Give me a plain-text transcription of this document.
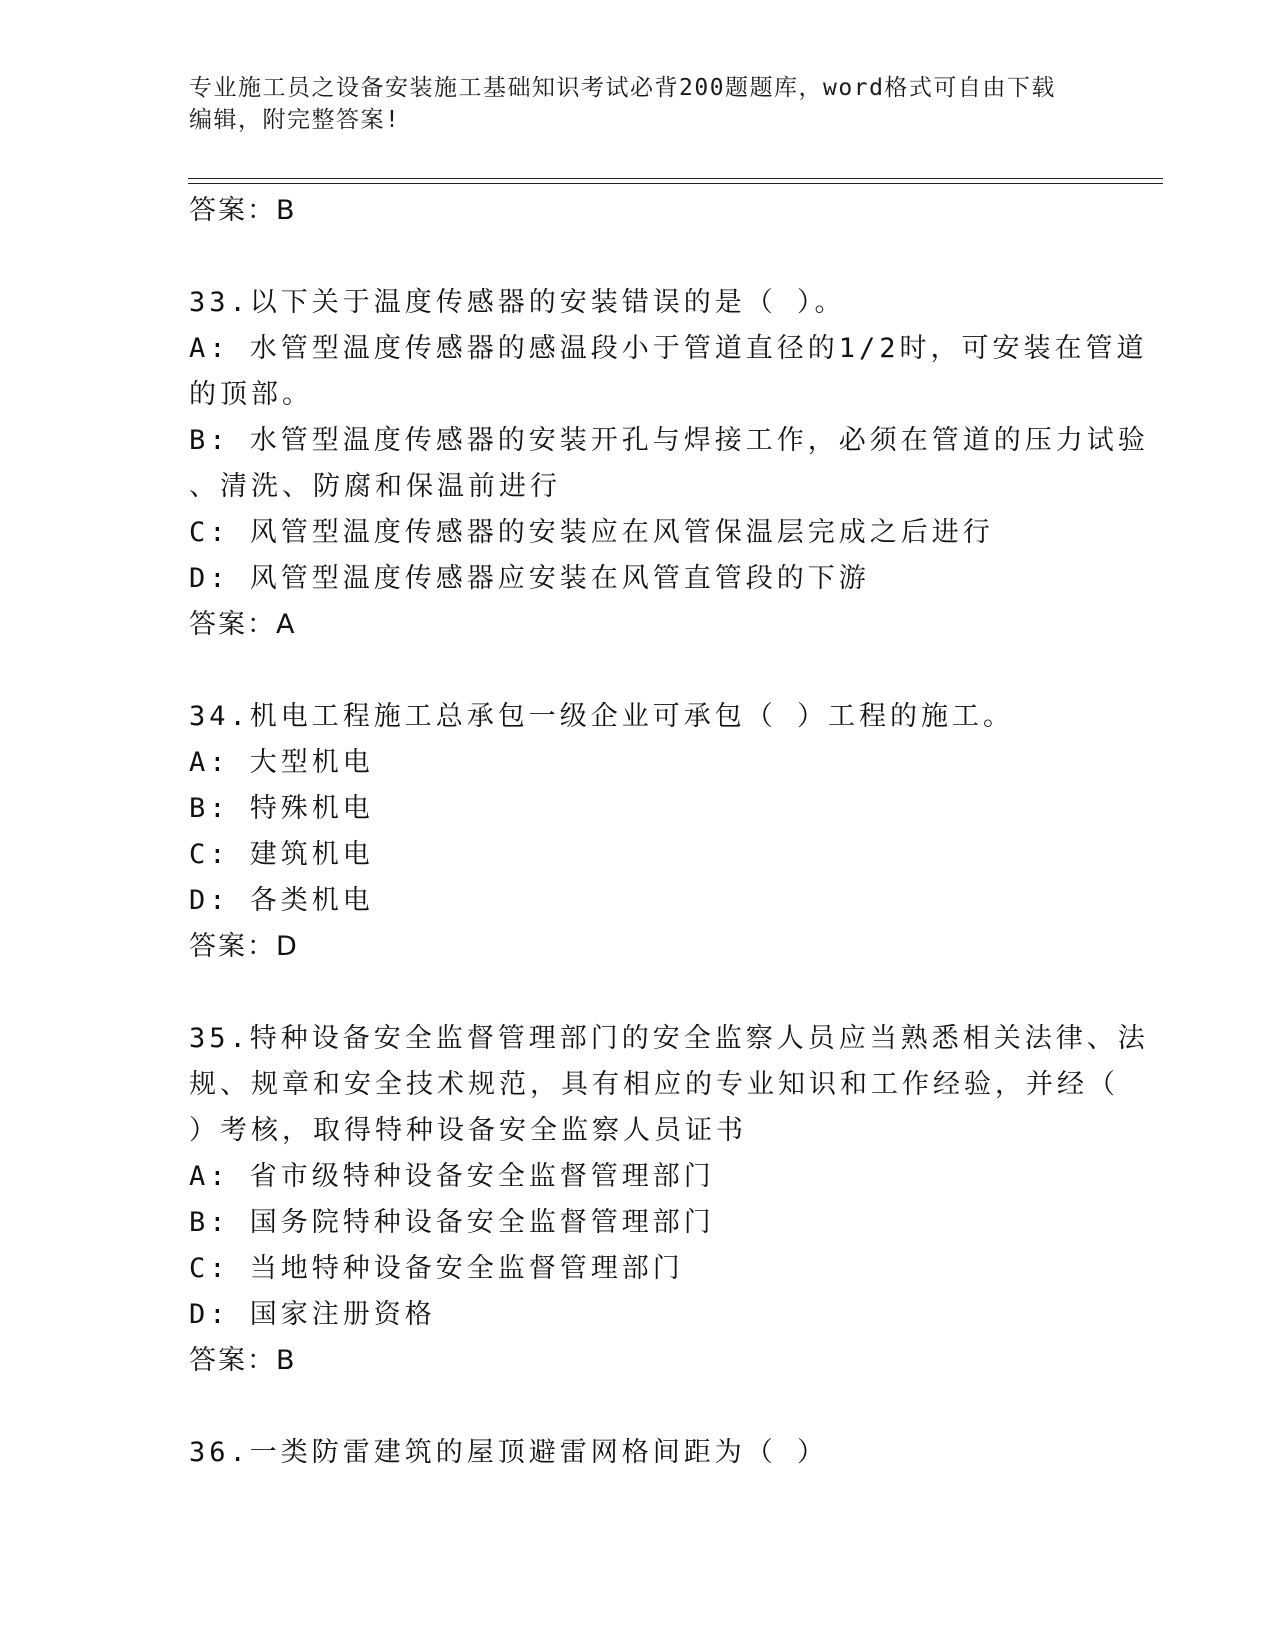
专业施工员之设备安装施工基础知识考试必背200题题库，word格式可自由下载
编辑，附完整答案!
答案：B
33.以下关于温度传感器的安装错误的是（ ）。
A: 水管型温度传感器的感温段小于管道直径的1/2时，可安装在管道
的顶部。
B: 水管型温度传感器的安装开孔与焊接工作，必须在管道的压力试验
、清洗、防腐和保温前进行
C: 风管型温度传感器的安装应在风管保温层完成之后进行
D: 风管型温度传感器应安装在风管直管段的下游
答案：A
34.机电工程施工总承包一级企业可承包（ ）工程的施工。
A: 大型机电
B: 特殊机电
C: 建筑机电
D: 各类机电
答案：D
35.特种设备安全监督管理部门的安全监察人员应当熟悉相关法律、法
规、规章和安全技术规范，具有相应的专业知识和工作经验，并经（
）考核，取得特种设备安全监察人员证书
A: 省市级特种设备安全监督管理部门
B: 国务院特种设备安全监督管理部门
C: 当地特种设备安全监督管理部门
D: 国家注册资格
答案：B
36.一类防雷建筑的屋顶避雷网格间距为（ ）
